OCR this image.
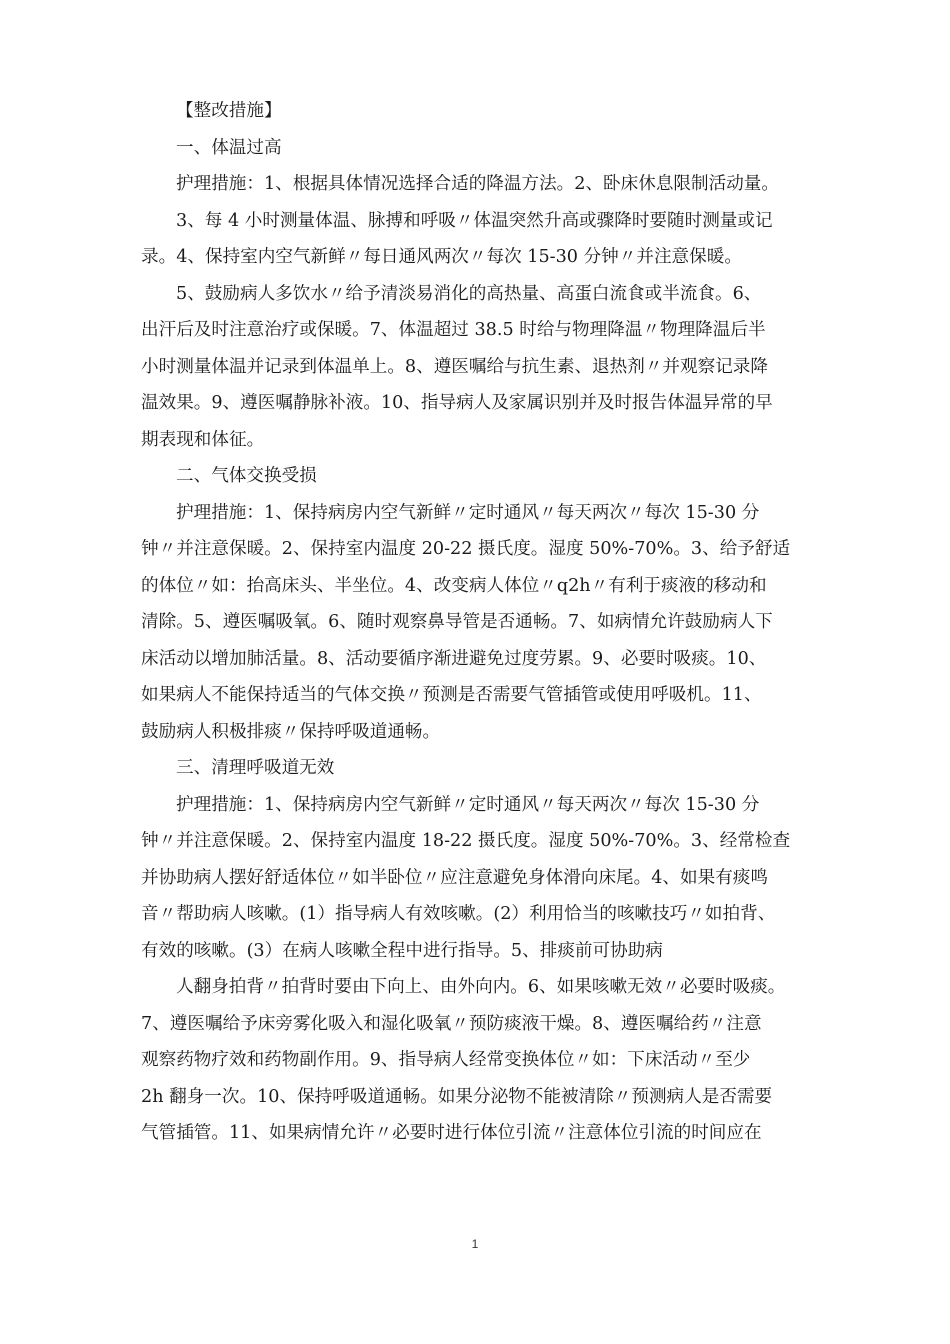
【整改措施】
一、体温过高
护理措施：1、根据具体情况选择合适的降温方法。2、卧床休息限制活动量。
3、每 4 小时测量体温、脉搏和呼吸〃体温突然升高或骤降时要随时测量或记
录。4、保持室内空气新鲜〃每日通风两次〃每次 15-30 分钟〃并注意保暖。
5、鼓励病人多饮水〃给予清淡易消化的高热量、高蛋白流食或半流食。6、
出汗后及时注意治疗或保暖。7、体温超过 38.5 时给与物理降温〃物理降温后半
小时测量体温并记录到体温单上。8、遵医嘱给与抗生素、退热剂〃并观察记录降
温效果。9、遵医嘱静脉补液。10、指导病人及家属识别并及时报告体温异常的早
期表现和体征。
二、气体交换受损
护理措施：1、保持病房内空气新鲜〃定时通风〃每天两次〃每次 15-30 分
钟〃并注意保暖。2、保持室内温度 20-22 摄氏度。湿度 50%-70%。3、给予舒适
的体位〃如：抬高床头、半坐位。4、改变病人体位〃q2h〃有利于痰液的移动和
清除。5、遵医嘱吸氧。6、随时观察鼻导管是否通畅。7、如病情允许鼓励病人下
床活动以增加肺活量。8、活动要循序渐进避免过度劳累。9、必要时吸痰。10、
如果病人不能保持适当的气体交换〃预测是否需要气管插管或使用呼吸机。11、
鼓励病人积极排痰〃保持呼吸道通畅。
三、清理呼吸道无效
护理措施：1、保持病房内空气新鲜〃定时通风〃每天两次〃每次 15-30 分
钟〃并注意保暖。2、保持室内温度 18-22 摄氏度。湿度 50%-70%。3、经常检查
并协助病人摆好舒适体位〃如半卧位〃应注意避免身体滑向床尾。4、如果有痰鸣
音〃帮助病人咳嗽。(1）指导病人有效咳嗽。(2）利用恰当的咳嗽技巧〃如拍背、
有效的咳嗽。(3）在病人咳嗽全程中进行指导。5、排痰前可协助病
人翻身拍背〃拍背时要由下向上、由外向内。6、如果咳嗽无效〃必要时吸痰。
7、遵医嘱给予床旁雾化吸入和湿化吸氧〃预防痰液干燥。8、遵医嘱给药〃注意
观察药物疗效和药物副作用。9、指导病人经常变换体位〃如：下床活动〃至少
2h 翻身一次。10、保持呼吸道通畅。如果分泌物不能被清除〃预测病人是否需要
气管插管。11、如果病情允许〃必要时进行体位引流〃注意体位引流的时间应在
1
